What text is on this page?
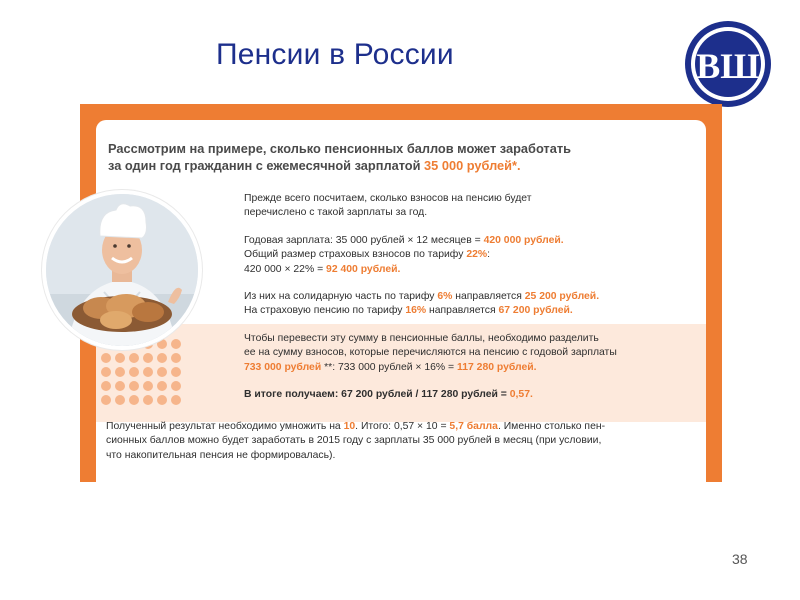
Пенсии в России	ВШ
Рассмотрим на примере, сколько пенсионных баллов может заработать
за один год гражданин с ежемесячной зарплатой 35 000 рублей*.
Прежде всего посчитаем, сколько взносов на пенсию будет
перечислено с такой зарплаты за год.
Годовая зарплата: 35 000 рублей × 12 месяцев = 420 000 рублей.
Общий размер страховых взносов по тарифу 22%:
420 000 × 22% = 92 400 рублей.
Из них на солидарную часть по тарифу 6% направляется 25 200 рублей.
На страховую пенсию по тарифу 16% направляется 67 200 рублей.
Чтобы перевести эту сумму в пенсионные баллы, необходимо разделить
ее на сумму взносов, которые перечисляются на пенсию с годовой зарплаты
733 000 рублей **: 733 000 рублей × 16% = 117 280 рублей.
В итоге получаем: 67 200 рублей / 117 280 рублей = 0,57.
Полученный результат необходимо умножить на 10. Итого: 0,57 × 10 = 5,7 балла. Именно столько пен-
сионных баллов можно будет заработать в 2015 году с зарплаты 35 000 рублей в месяц (при условии,
что накопительная пенсия не формировалась).
38
